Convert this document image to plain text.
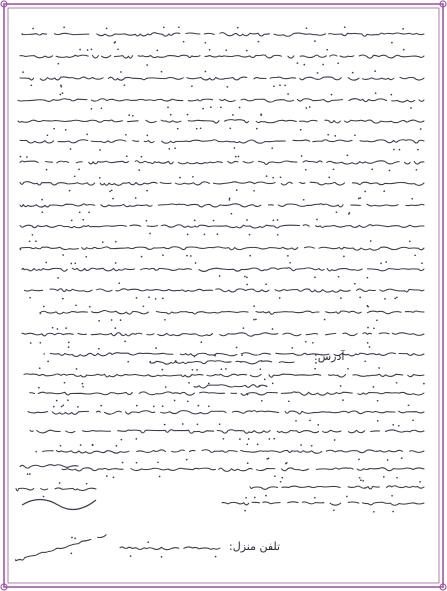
آدرس:
تلفن منزل:
